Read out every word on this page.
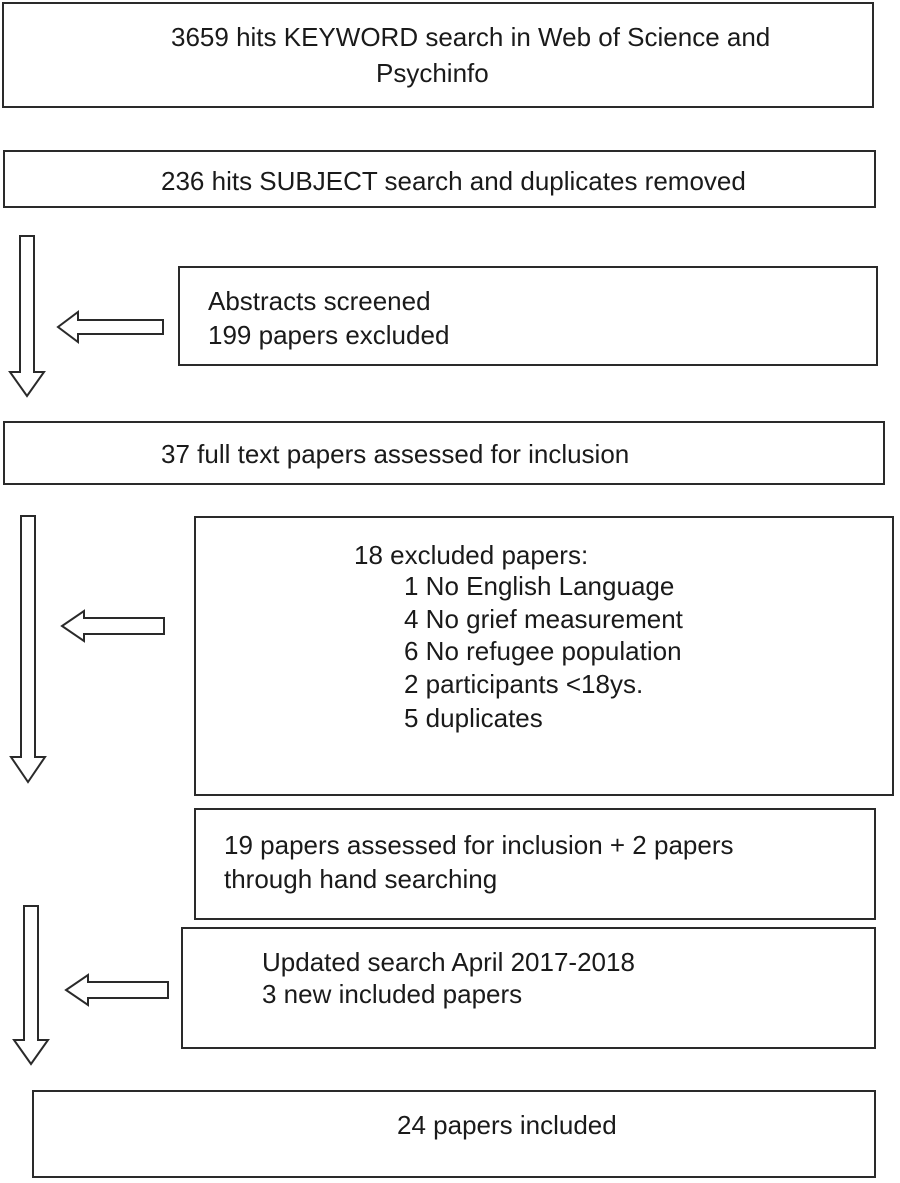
3659 hits KEYWORD search in Web of Science and
Psychinfo
236 hits SUBJECT search and duplicates removed
Abstracts screened
199 papers excluded
37 full text papers assessed for inclusion
18 excluded papers:
1 No English Language
4 No grief measurement
6 No refugee population
2 participants <18ys.
5 duplicates
19 papers assessed for inclusion + 2 papers
through hand searching
Updated search April 2017-2018
3 new included papers
24 papers included
